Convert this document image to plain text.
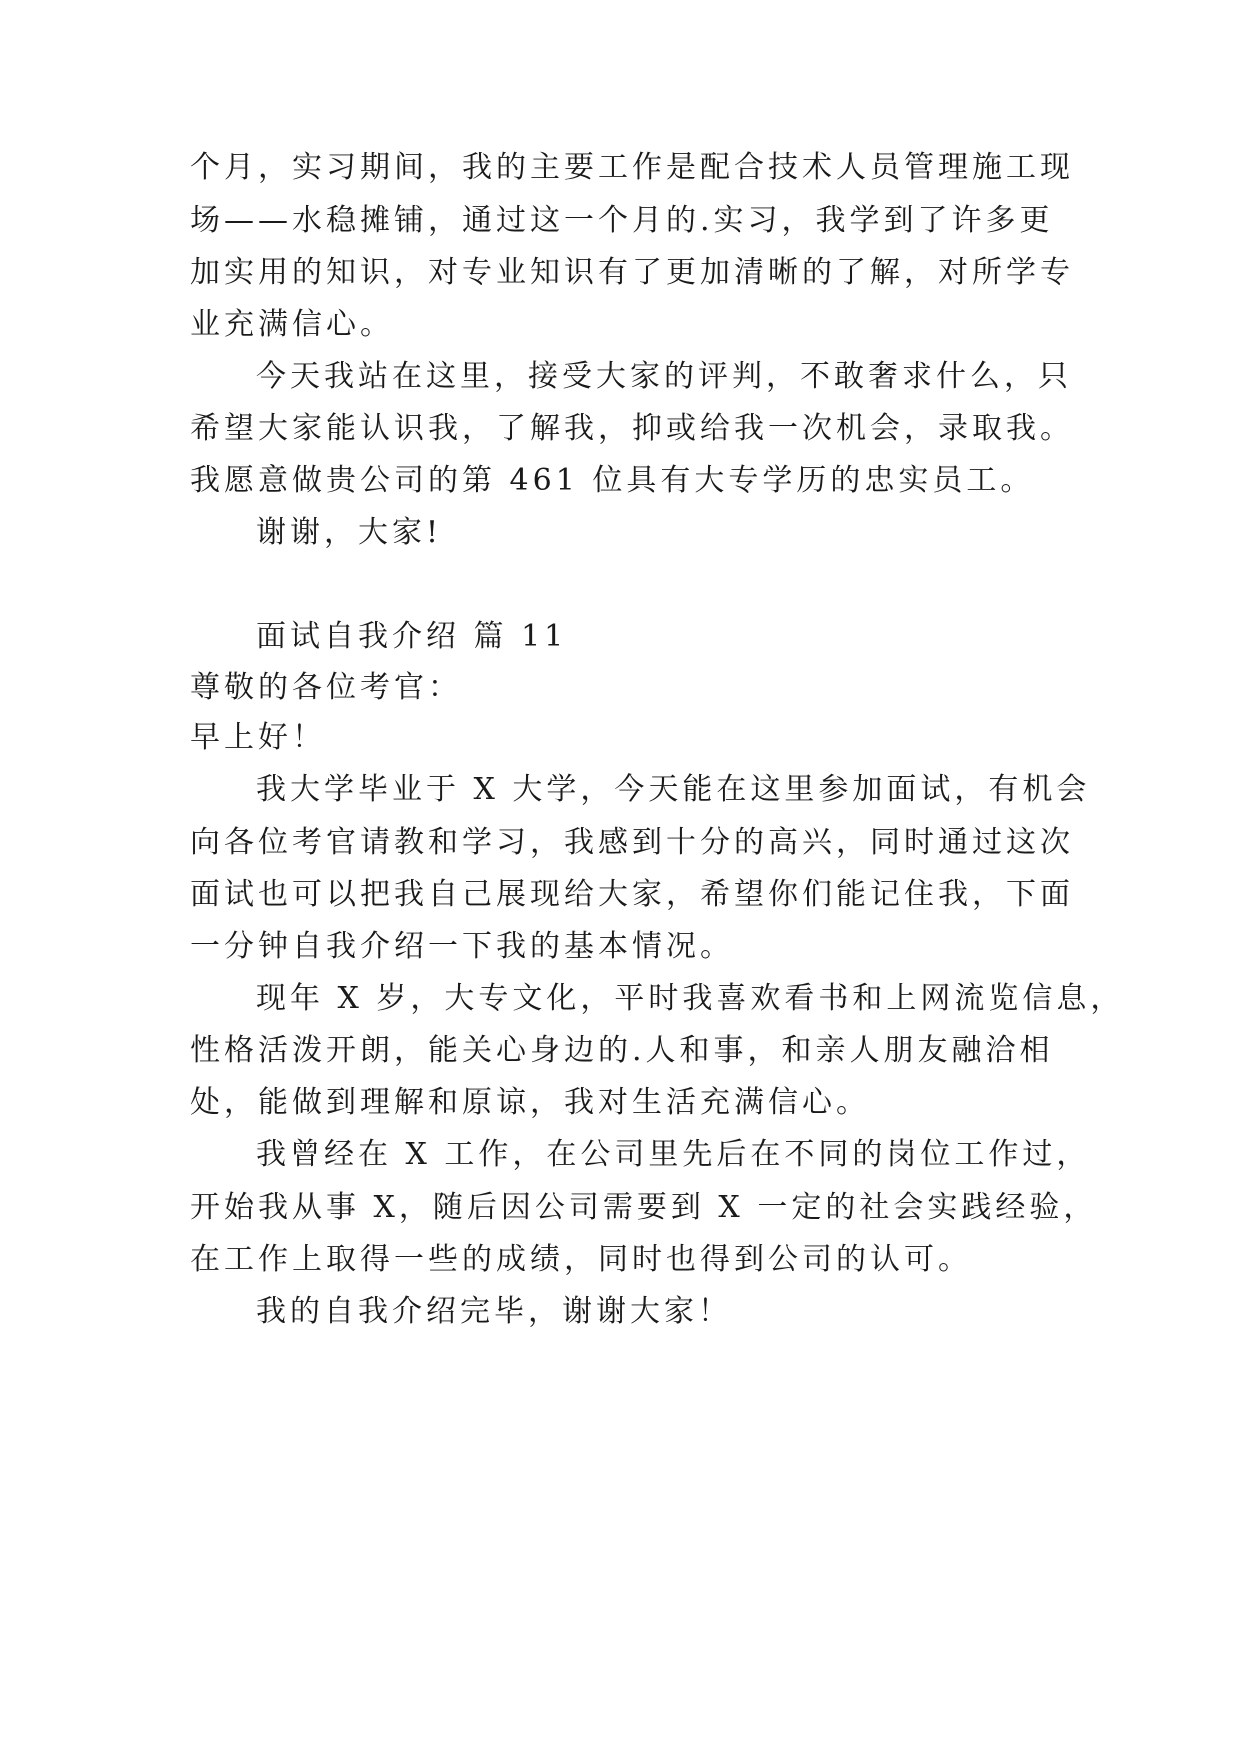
个月，实习期间，我的主要工作是配合技术人员管理施工现
场——水稳摊铺，通过这一个月的.实习，我学到了许多更
加实用的知识，对专业知识有了更加清晰的了解，对所学专
业充满信心。
今天我站在这里，接受大家的评判，不敢奢求什么，只
希望大家能认识我，了解我，抑或给我一次机会，录取我。
我愿意做贵公司的第 461 位具有大专学历的忠实员工。
谢谢，大家!
面试自我介绍 篇 11
尊敬的各位考官：
早上好！
我大学毕业于 X 大学，今天能在这里参加面试，有机会
向各位考官请教和学习，我感到十分的高兴，同时通过这次
面试也可以把我自己展现给大家，希望你们能记住我，下面
一分钟自我介绍一下我的基本情况。
现年 X 岁，大专文化，平时我喜欢看书和上网流览信息，
性格活泼开朗，能关心身边的.人和事，和亲人朋友融洽相
处，能做到理解和原谅，我对生活充满信心。
我曾经在 X 工作，在公司里先后在不同的岗位工作过，
开始我从事 X，随后因公司需要到 X 一定的社会实践经验，
在工作上取得一些的成绩，同时也得到公司的认可。
我的自我介绍完毕，谢谢大家！
